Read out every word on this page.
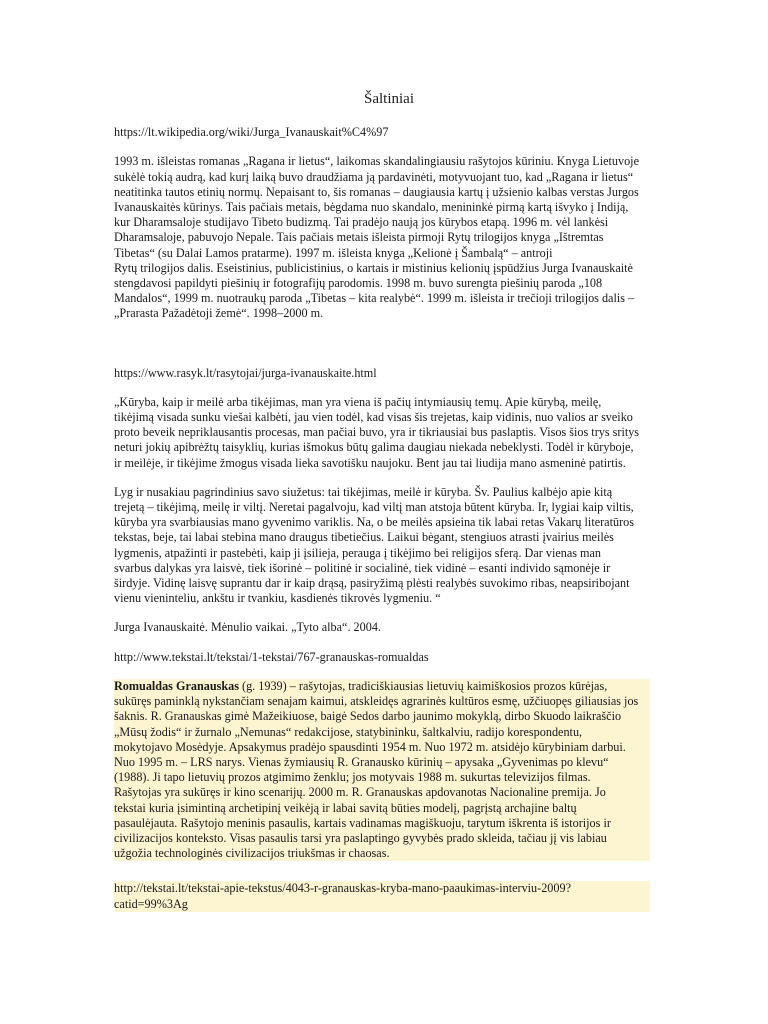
Šaltiniai
https://lt.wikipedia.org/wiki/Jurga_Ivanauskait%C4%97
1993 m. išleistas romanas „Ragana ir lietus“, laikomas skandalingiausiu rašytojos kūriniu. Knyga Lietuvoje
sukėlė tokią audrą, kad kurį laiką buvo draudžiama ją pardavinėti, motyvuojant tuo, kad „Ragana ir lietus“
neatitinka tautos etinių normų. Nepaisant to, šis romanas – daugiausia kartų į užsienio kalbas verstas Jurgos
Ivanauskaitės kūrinys. Tais pačiais metais, bėgdama nuo skandalo, menininkė pirmą kartą išvyko į Indiją,
kur Dharamsaloje studijavo Tibeto budizmą. Tai pradėjo naują jos kūrybos etapą. 1996 m. vėl lankėsi
Dharamsaloje, pabuvojo Nepale. Tais pačiais metais išleista pirmoji Rytų trilogijos knyga „Ištremtas
Tibetas“ (su Dalai Lamos pratarme). 1997 m. išleista knyga „Kelionė į Šambalą“ – antroji
Rytų trilogijos dalis. Eseistinius, publicistinius, o kartais ir mistinius kelionių įspūdžius Jurga Ivanauskaitė
stengdavosi papildyti piešinių ir fotografijų parodomis. 1998 m. buvo surengta piešinių paroda „108
Mandalos“, 1999 m. nuotraukų paroda „Tibetas – kita realybė“. 1999 m. išleista ir trečioji trilogijos dalis –
„Prarasta Pažadėtoji žemė“. 1998–2000 m.
https://www.rasyk.lt/rasytojai/jurga-ivanauskaite.html
„Kūryba, kaip ir meilė arba tikėjimas, man yra viena iš pačių intymiausių temų. Apie kūrybą, meilę,
tikėjimą visada sunku viešai kalbėti, jau vien todėl, kad visas šis trejetas, kaip vidinis, nuo valios ar sveiko
proto beveik nepriklausantis procesas, man pačiai buvo, yra ir tikriausiai bus paslaptis. Visos šios trys sritys
neturi jokių apibrėžtų taisyklių, kurias išmokus būtų galima daugiau niekada nebeklysti. Todėl ir kūryboje,
ir meilėje, ir tikėjime žmogus visada lieka savotišku naujoku. Bent jau tai liudija mano asmeninė patirtis.
Lyg ir nusakiau pagrindinius savo siužetus: tai tikėjimas, meilė ir kūryba. Šv. Paulius kalbėjo apie kitą
trejetą – tikėjimą, meilę ir viltį. Neretai pagalvoju, kad viltį man atstoja būtent kūryba. Ir, lygiai kaip viltis,
kūryba yra svarbiausias mano gyvenimo variklis. Na, o be meilės apsieina tik labai retas Vakarų literatūros
tekstas, beje, tai labai stebina mano draugus tibetiečius. Laikui bėgant, stengiuos atrasti įvairius meilės
lygmenis, atpažinti ir pastebėti, kaip ji įsilieja, perauga į tikėjimo bei religijos sferą. Dar vienas man
svarbus dalykas yra laisvė, tiek išorinė – politinė ir socialinė, tiek vidinė – esanti individo sąmonėje ir
širdyje. Vidinę laisvę suprantu dar ir kaip drąsą, pasiryžimą plėsti realybės suvokimo ribas, neapsiribojant
vienu vieninteliu, ankštu ir tvankiu, kasdienės tikrovės lygmeniu. “
Jurga Ivanauskaitė. Mėnulio vaikai. „Tyto alba“. 2004.
http://www.tekstai.lt/tekstai/1-tekstai/767-granauskas-romualdas
Romualdas Granauskas (g. 1939) – rašytojas, tradiciškiausias lietuvių kaimiškosios prozos kūrėjas,
sukūręs paminklą nykstančiam senajam kaimui, atskleidęs agrarinės kultūros esmę, užčiuopęs giliausias jos
šaknis. R. Granauskas gimė Mažeikiuose, baigė Sedos darbo jaunimo mokyklą, dirbo Skuodo laikraščio
„Mūsų žodis“ ir žurnalo „Nemunas“ redakcijose, statybininku, šaltkalviu, radijo korespondentu,
mokytojavo Mosėdyje. Apsakymus pradėjo spausdinti 1954 m. Nuo 1972 m. atsidėjo kūrybiniam darbui.
Nuo 1995 m. – LRS narys. Vienas žymiausių R. Granausko kūrinių – apysaka „Gyvenimas po klevu“
(1988). Ji tapo lietuvių prozos atgimimo ženklu; jos motyvais 1988 m. sukurtas televizijos filmas.
Rašytojas yra sukūręs ir kino scenarijų. 2000 m. R. Granauskas apdovanotas Nacionaline premija. Jo
tekstai kuria įsimintiną archetipinį veikėją ir labai savitą būties modelį, pagrįstą archajine baltų
pasaulėjauta. Rašytojo meninis pasaulis, kartais vadinamas magiškuoju, tarytum iškrenta iš istorijos ir
civilizacijos konteksto. Visas pasaulis tarsi yra paslaptingo gyvybės prado skleida, tačiau jį vis labiau
užgožia technologinės civilizacijos triukšmas ir chaosas.
http://tekstai.lt/tekstai-apie-tekstus/4043-r-granauskas-kryba-mano-paaukimas-interviu-2009?
catid=99%3Ag
